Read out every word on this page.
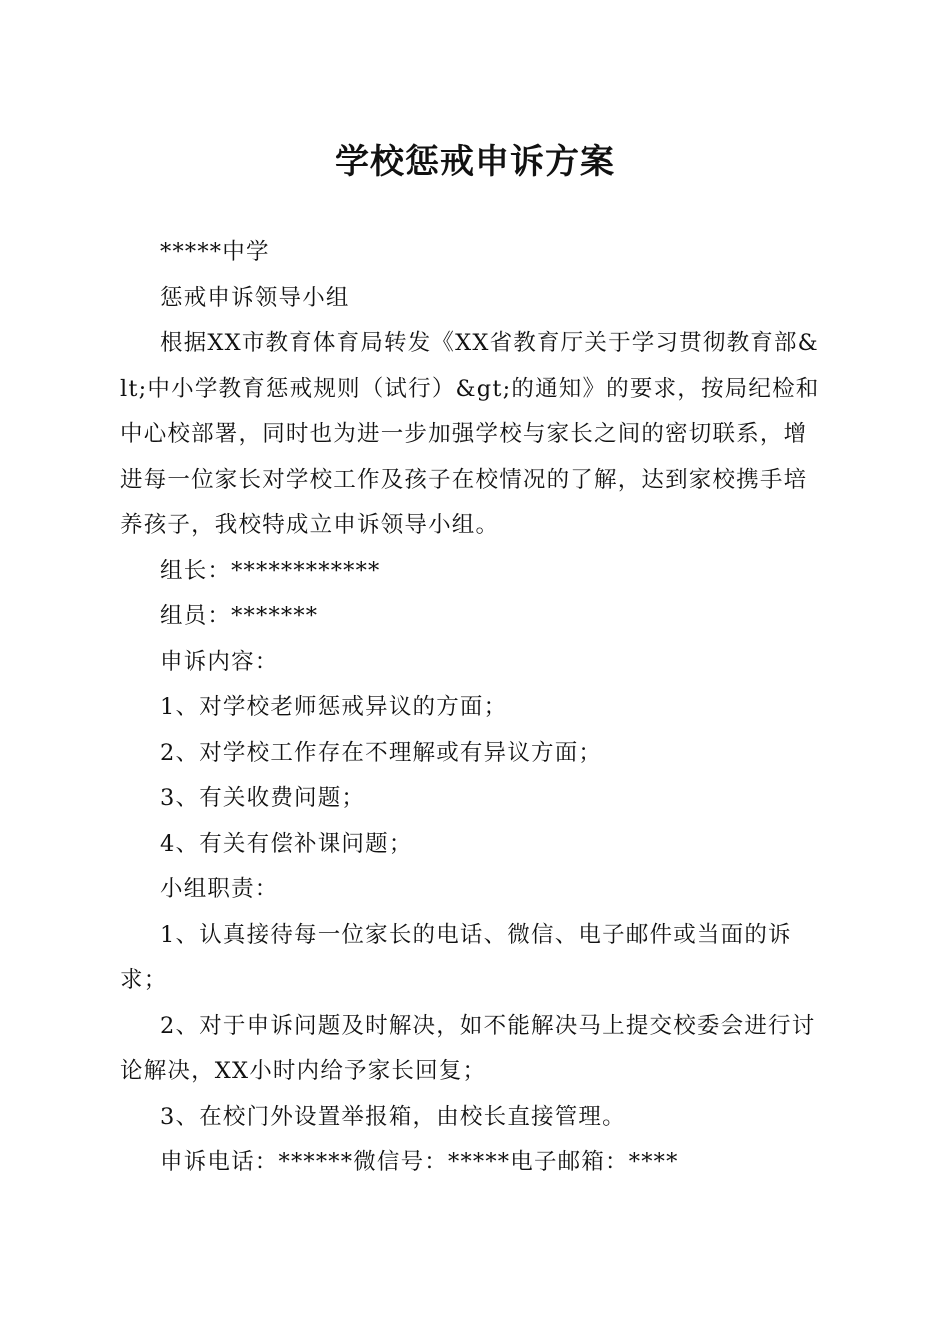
学校惩戒申诉方案

*****中学

惩戒申诉领导小组

根据XX市教育体育局转发《XX省教育厅关于学习贯彻教育部&lt;中小学教育惩戒规则（试行）&gt;的通知》的要求，按局纪检和中心校部署，同时也为进一步加强学校与家长之间的密切联系，增进每一位家长对学校工作及孩子在校情况的了解，达到家校携手培养孩子，我校特成立申诉领导小组。

组长：************

组员：*******

申诉内容：

1、对学校老师惩戒异议的方面；

2、对学校工作存在不理解或有异议方面；

3、有关收费问题；

4、有关有偿补课问题；

小组职责：

1、认真接待每一位家长的电话、微信、电子邮件或当面的诉求；

2、对于申诉问题及时解决，如不能解决马上提交校委会进行讨论解决，XX小时内给予家长回复；

3、在校门外设置举报箱，由校长直接管理。

申诉电话：******微信号：*****电子邮箱：****
